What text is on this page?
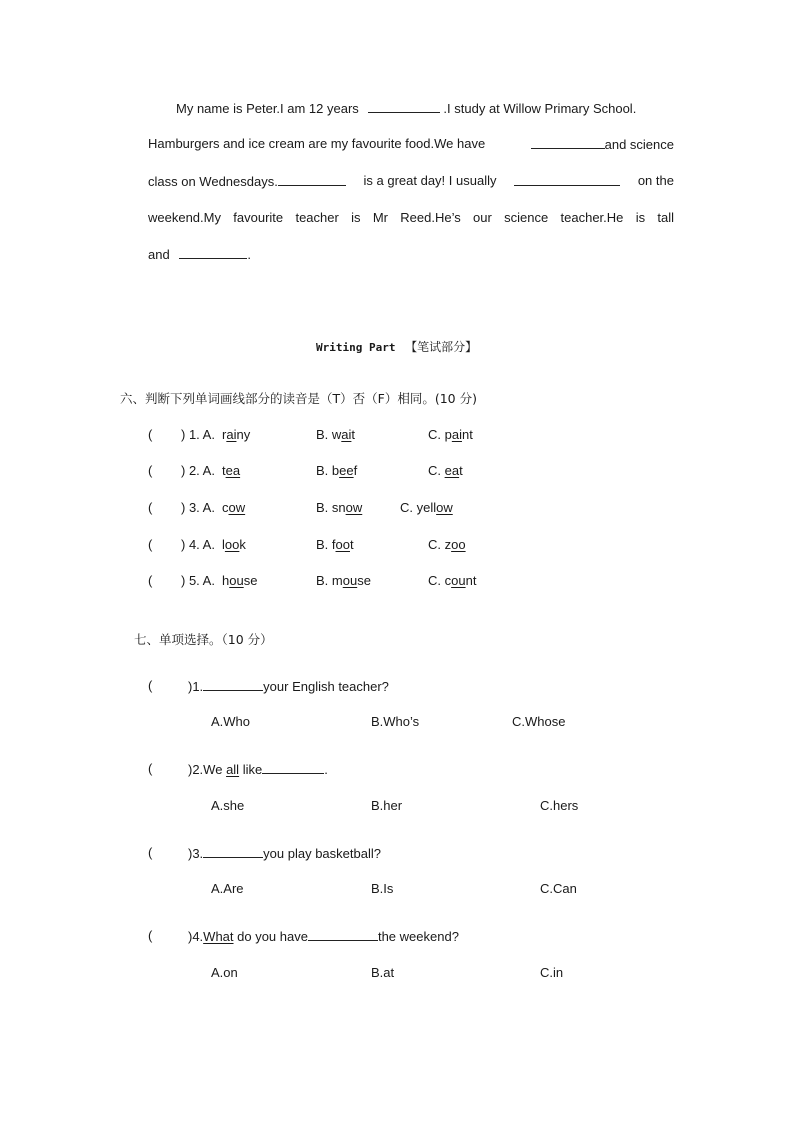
My name is Peter.I am 12 years	.I study at Willow Primary School.
Hamburgers and ice cream are my favourite food.We have	and science
class on Wednesdays.	is a great day! I usually	on the
weekend.My favourite teacher is Mr Reed.He’s our science teacher.He is tall
and	.
Writing Part 【笔试部分】
六、判断下列单词画线部分的读音是（T）否（F）相同。(10 分)
( ) 1. A. rainy	B. wait	C. paint
( ) 2. A. tea	B. beef	C. eat
( ) 3. A. cow	B. snow	C. yellow
( ) 4. A. look	B. foot	C. zoo
( ) 5. A. house	B. mouse	C. count
七、单项选择。（10 分）
(	)1.	your English teacher?
A.Who	B.Who’s	C.Whose
(	)2.We all like	.
A.she	B.her	C.hers
(	)3.	you play basketball?
A.Are	B.Is	C.Can
(	)4.What do you have	the weekend?
A.on	B.at	C.in
